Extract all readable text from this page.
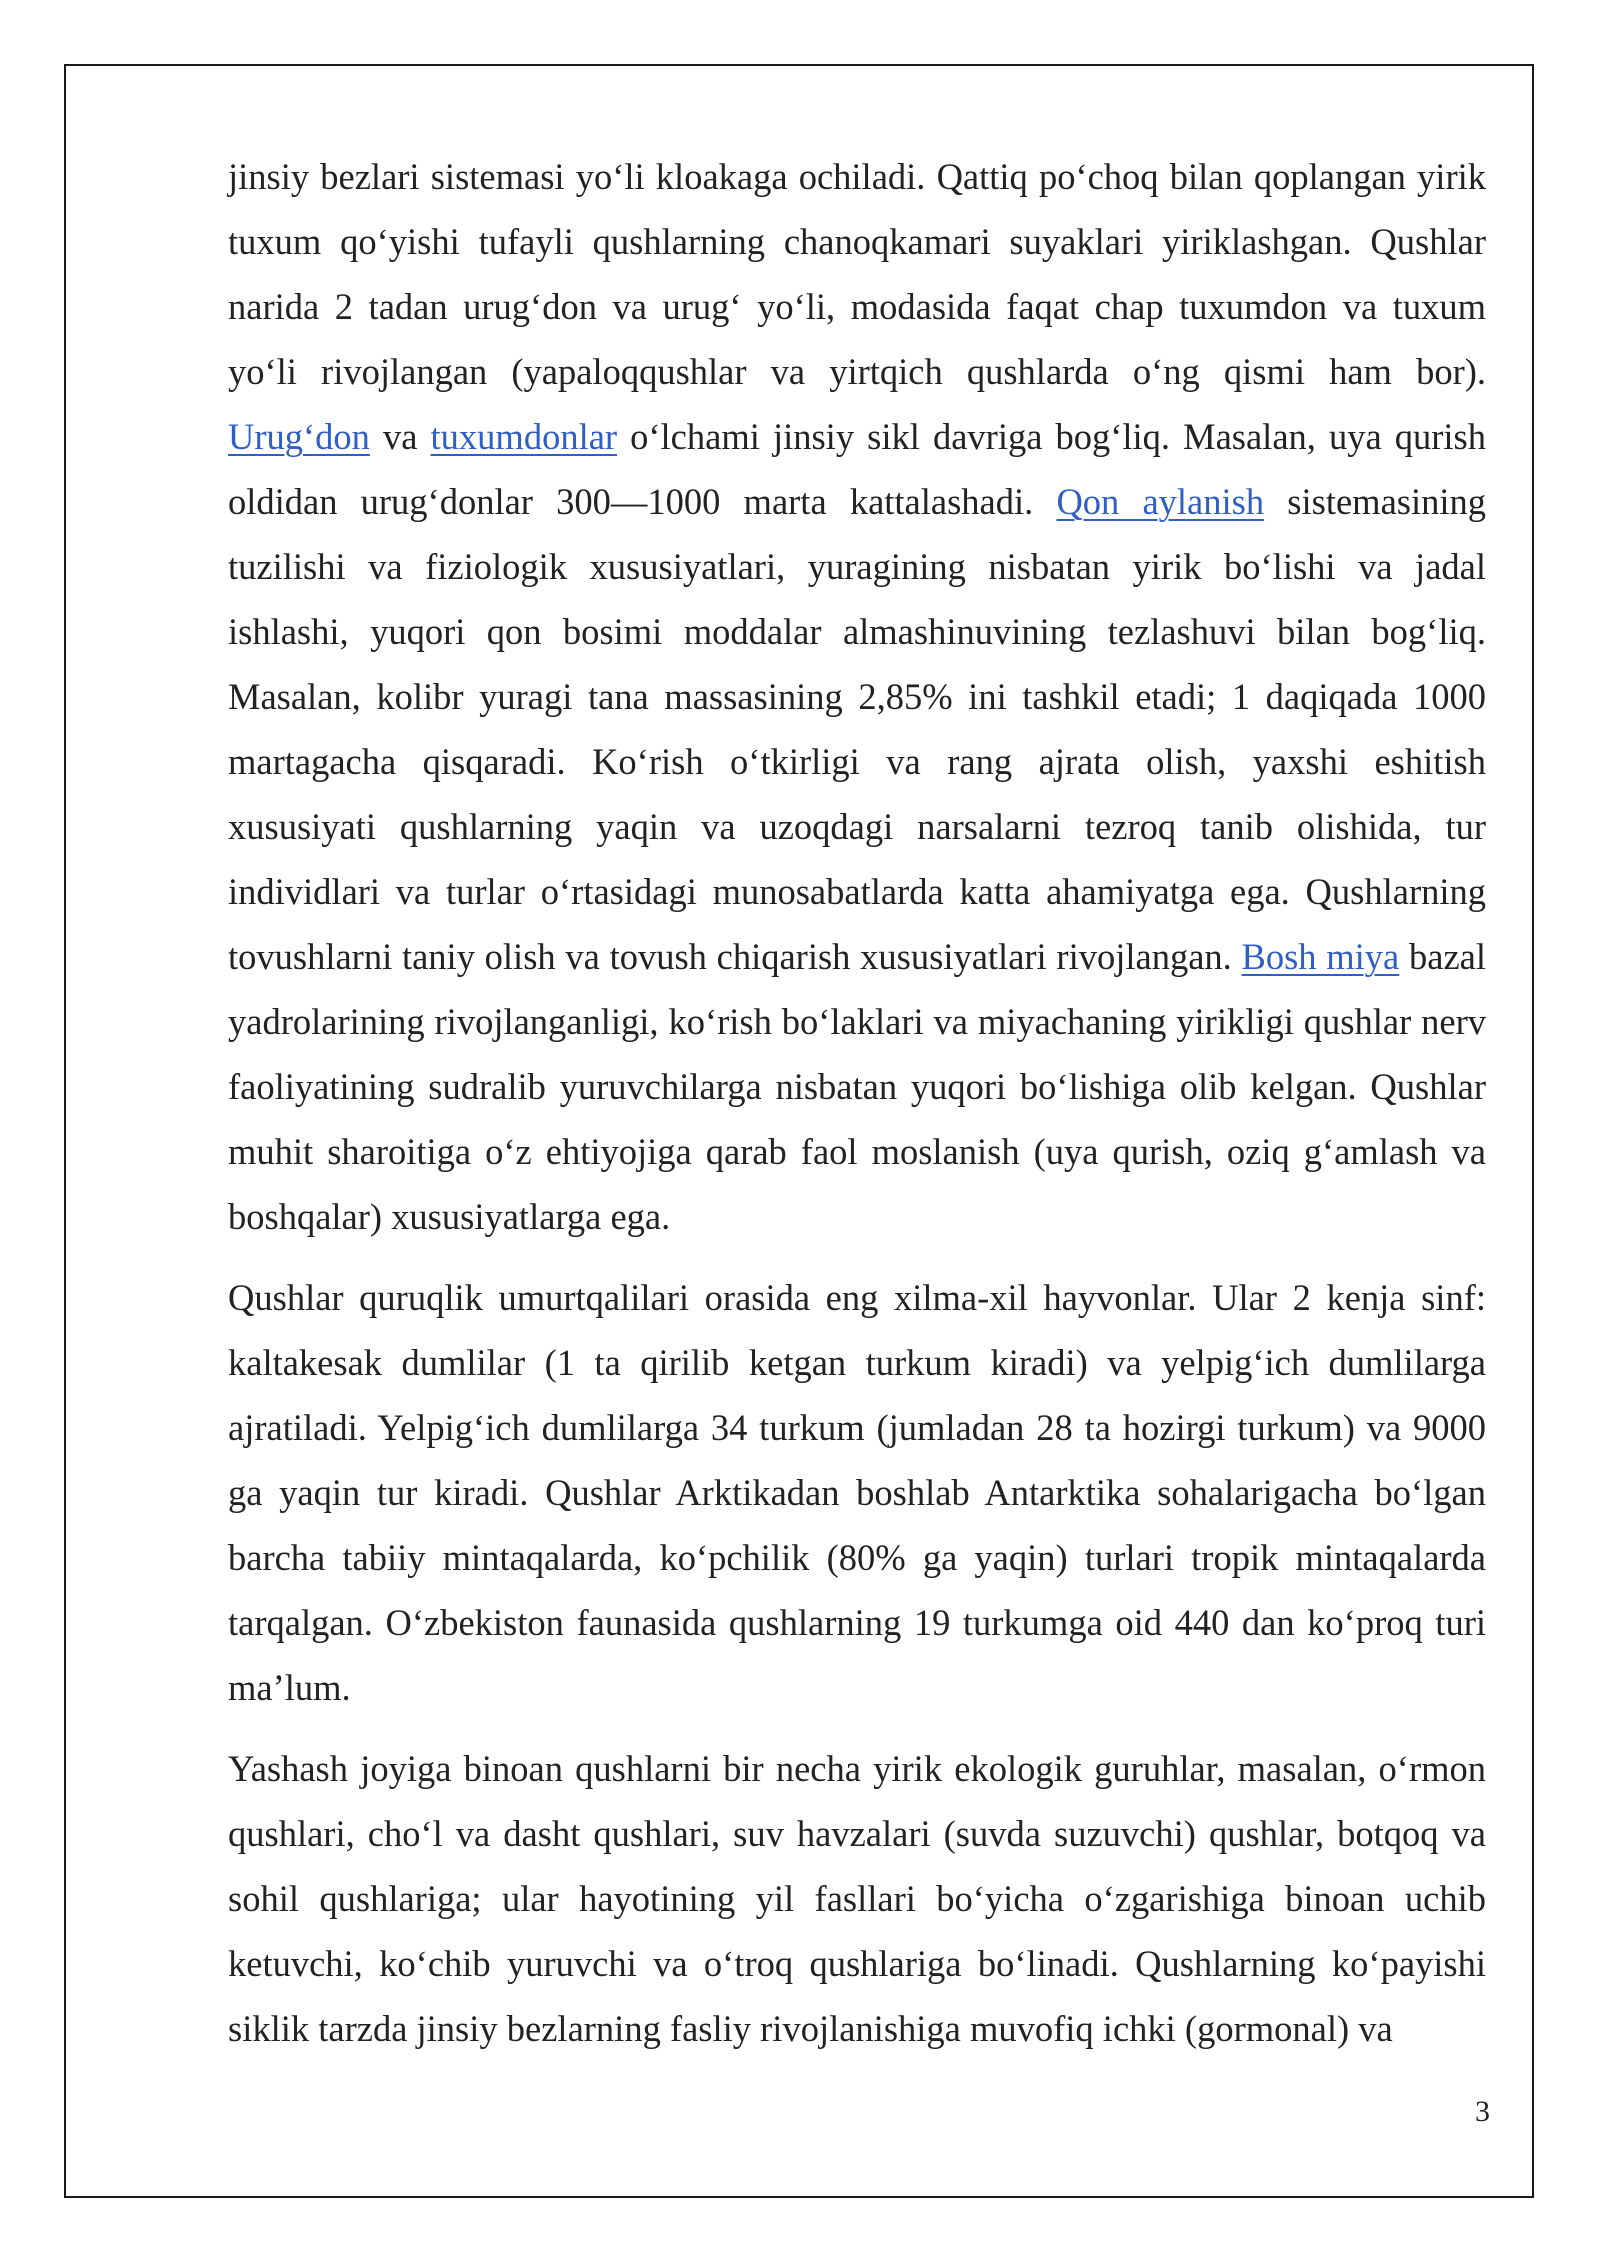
jinsiy bezlari sistemasi yo‘li kloakaga ochiladi. Qattiq po‘choq bilan qoplangan yirik tuxum qo‘yishi tufayli qushlarning chanoqkamari suyaklari yiriklashgan. Qushlar narida 2 tadan urug‘don va urug‘ yo‘li, modasida faqat chap tuxumdon va tuxum yo‘li rivojlangan (yapaloqqushlar va yirtqich qushlarda o‘ng qismi ham bor). Urug‘don va tuxumdonlar o‘lchami jinsiy sikl davriga bog‘liq. Masalan, uya qurish oldidan urug‘donlar 300—1000 marta kattalashadi. Qon aylanish sistemasining tuzilishi va fiziologik xususiyatlari, yuragining nisbatan yirik bo‘lishi va jadal ishlashi, yuqori qon bosimi moddalar almashinuvining tezlashuvi bilan bog‘liq. Masalan, kolibr yuragi tana massasining 2,85% ini tashkil etadi; 1 daqiqada 1000 martagacha qisqaradi. Ko‘rish o‘tkirligi va rang ajrata olish, yaxshi eshitish xususiyati qushlarning yaqin va uzoqdagi narsalarni tezroq tanib olishida, tur individlari va turlar o‘rtasidagi munosabatlarda katta ahamiyatga ega. Qushlarning tovushlarni taniy olish va tovush chiqarish xususiyatlari rivojlangan. Bosh miya bazal yadrolarining rivojlanganligi, ko‘rish bo‘laklari va miyachaning yirikligi qushlar nerv faoliyatining sudralib yuruvchilarga nisbatan yuqori bo‘lishiga olib kelgan. Qushlar muhit sharoitiga o‘z ehtiyojiga qarab faol moslanish (uya qurish, oziq g‘amlash va boshqalar) xususiyatlarga ega.

Qushlar quruqlik umurtqalilari orasida eng xilma-xil hayvonlar. Ular 2 kenja sinf: kaltakesak dumlilar (1 ta qirilib ketgan turkum kiradi) va yelpig‘ich dumlilarga ajratiladi. Yelpig‘ich dumlilarga 34 turkum (jumladan 28 ta hozirgi turkum) va 9000 ga yaqin tur kiradi. Qushlar Arktikadan boshlab Antarktika sohalarigacha bo‘lgan barcha tabiiy mintaqalarda, ko‘pchilik (80% ga yaqin) turlari tropik mintaqalarda tarqalgan. O‘zbekiston faunasida qushlarning 19 turkumga oid 440 dan ko‘proq turi ma’lum.

Yashash joyiga binoan qushlarni bir necha yirik ekologik guruhlar, masalan, o‘rmon qushlari, cho‘l va dasht qushlari, suv havzalari (suvda suzuvchi) qushlar, botqoq va sohil qushlariga; ular hayotining yil fasllari bo‘yicha o‘zgarishiga binoan uchib ketuvchi, ko‘chib yuruvchi va o‘troq qushlariga bo‘linadi. Qushlarning ko‘payishi siklik tarzda jinsiy bezlarning fasliy rivojlanishiga muvofiq ichki (gormonal) va

3
